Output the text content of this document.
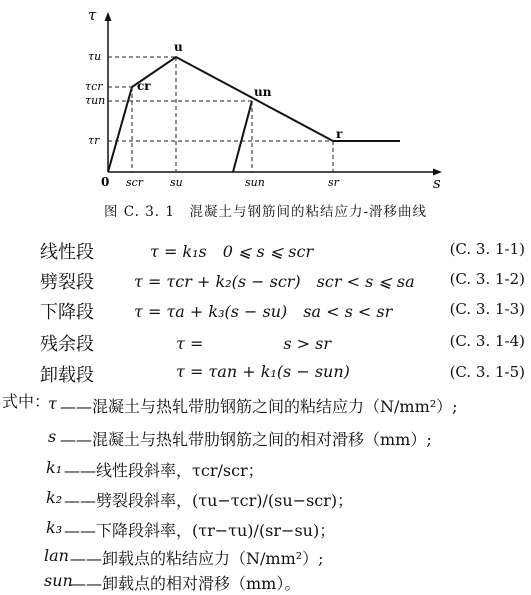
τ
s
0
τu
τcr
τun
τr
scr su	sun	sr
u
cr	un
r
图 C. 3. 1　混凝土与钢筋间的粘结应力-滑移曲线
线性段	τ = k₁s　0 ⩽ s ⩽ scr	(C. 3. 1-1)
劈裂段	τ = τcr + k₂(s − scr)　scr < s ⩽ sa (C. 3. 1-2)
下降段	τ = τa + k₃(s − su)　sa < s < sr	(C. 3. 1-3)
残余段	τ =　　　　　s > sr	(C. 3. 1-4)
卸载段	τ = τan + k₁(s − sun)	(C. 3. 1-5)
式中：
τ ——混凝土与热轧带肋钢筋之间的粘结应力（N/mm²）;
s ——混凝土与热轧带肋钢筋之间的相对滑移（mm）;
k₁ ——线性段斜率，τcr/scr；
k₂ ——劈裂段斜率，(τu−τcr)/(su−scr)；
k₃ ——下降段斜率，(τr−τu)/(sr−su)；
lan ——卸载点的粘结应力（N/mm²）;
sun
——卸载点的相对滑移（mm）。
